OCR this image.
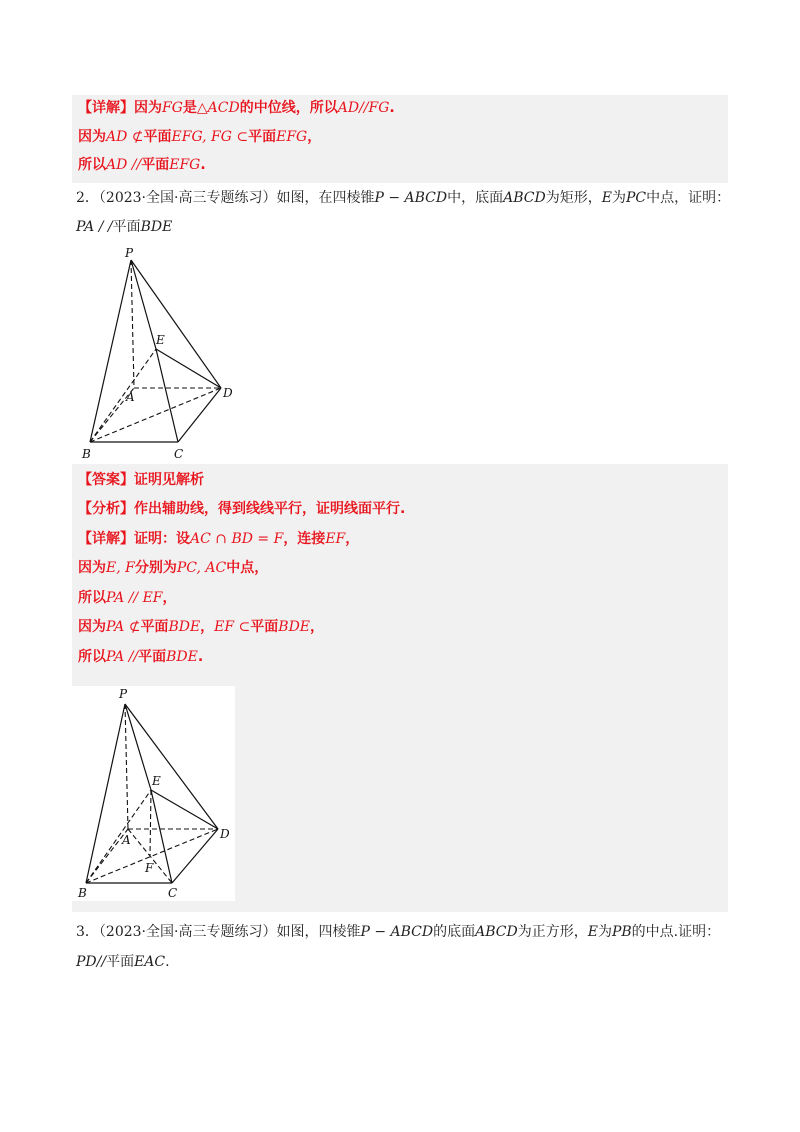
【详解】因为FG是△ACD的中位线，所以AD//FG.
因为AD ⊄平面EFG, FG ⊂平面EFG，
所以AD //平面EFG.
2．（2023·全国·高三专题练习）如图，在四棱锥P − ABCD中，底面ABCD为矩形，E为PC中点，证明：
PA / /平面BDE
P
E
A	D
B	C
【答案】证明见解析
【分析】作出辅助线，得到线线平行，证明线面平行.
【详解】证明：设AC ∩ BD = F，连接EF，
因为E, F分别为PC, AC中点，
所以PA // EF，
因为PA ⊄平面BDE，EF ⊂平面BDE，
所以PA //平面BDE.
P
E
A	D
F
B	C
3．（2023·全国·高三专题练习）如图，四棱锥P − ABCD的底面ABCD为正方形，E为PB的中点.证明：
PD//平面EAC.
